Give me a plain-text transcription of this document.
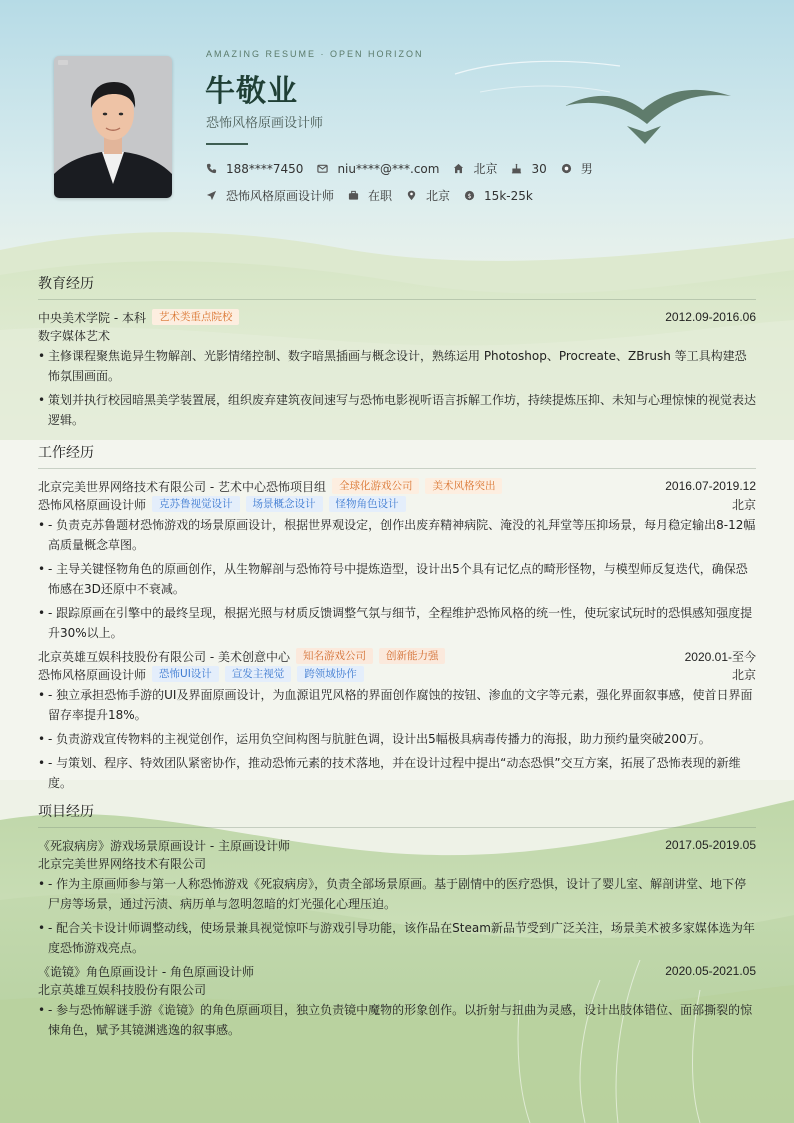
AMAZING RESUME · OPEN HORIZON
牛敬业
恐怖风格原画设计师
188****7450	niu****@***.com	北京	30	男
恐怖风格原画设计师	在职	北京 $ 15k-25k
教育经历
中央美术学院 - 本科	艺术类重点院校	2012.09-2016.06
数字媒体艺术
• 主修课程聚焦诡异生物解剖、光影情绪控制、数字暗黑插画与概念设计，熟练运用 Photoshop、Procreate、ZBrush 等工具构建恐怖氛围画面。
• 策划并执行校园暗黑美学装置展，组织废弃建筑夜间速写与恐怖电影视听语言拆解工作坊，持续提炼压抑、未知与心理惊悚的视觉表达逻辑。
工作经历
北京完美世界网络技术有限公司 - 艺术中心恐怖项目组	全球化游戏公司	美术风格突出	2016.07-2019.12
恐怖风格原画设计师	克苏鲁视觉设计	场景概念设计	怪物角色设计	北京
• - 负责克苏鲁题材恐怖游戏的场景原画设计，根据世界观设定，创作出废弃精神病院、淹没的礼拜堂等压抑场景，每月稳定输出8-12幅高质量概念草图。
• - 主导关键怪物角色的原画创作，从生物解剖与恐怖符号中提炼造型，设计出5个具有记忆点的畸形怪物，与模型师反复迭代，确保恐怖感在3D还原中不衰减。
• - 跟踪原画在引擎中的最终呈现，根据光照与材质反馈调整气氛与细节，全程维护恐怖风格的统一性，使玩家试玩时的恐惧感知强度提升30%以上。
北京英雄互娱科技股份有限公司 - 美术创意中心	知名游戏公司	创新能力强	2020.01-至今
恐怖风格原画设计师	恐怖UI设计	宣发主视觉	跨领域协作	北京
• - 独立承担恐怖手游的UI及界面原画设计，为血源诅咒风格的界面创作腐蚀的按钮、渗血的文字等元素，强化界面叙事感，使首日界面留存率提升18%。
• - 负责游戏宣传物料的主视觉创作，运用负空间构图与肮脏色调，设计出5幅极具病毒传播力的海报，助力预约量突破200万。
• - 与策划、程序、特效团队紧密协作，推动恐怖元素的技术落地，并在设计过程中提出“动态恐惧”交互方案，拓展了恐怖表现的新维度。
项目经历
《死寂病房》游戏场景原画设计 - 主原画设计师	2017.05-2019.05
北京完美世界网络技术有限公司
• - 作为主原画师参与第一人称恐怖游戏《死寂病房》，负责全部场景原画。基于剧情中的医疗恐惧，设计了婴儿室、解剖讲堂、地下停尸房等场景，通过污渍、病历单与忽明忽暗的灯光强化心理压迫。
• - 配合关卡设计师调整动线，使场景兼具视觉惊吓与游戏引导功能，该作品在Steam新品节受到广泛关注，场景美术被多家媒体选为年度恐怖游戏亮点。
《诡镜》角色原画设计 - 角色原画设计师	2020.05-2021.05
北京英雄互娱科技股份有限公司
• - 参与恐怖解谜手游《诡镜》的角色原画项目，独立负责镜中魔物的形象创作。以折射与扭曲为灵感，设计出肢体错位、面部撕裂的惊悚角色，赋予其镜渊逃逸的叙事感。
